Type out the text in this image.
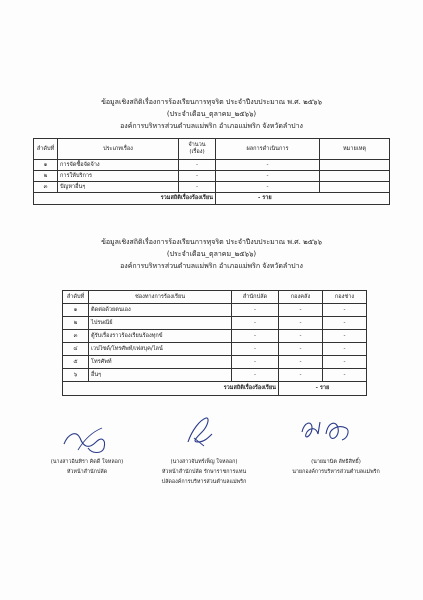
ข้อมูลเชิงสถิติเรื่องการร้องเรียนการทุจริต ประจำปีงบประมาณ พ.ศ. ๒๕๖๖
(ประจำเดือน_ตุลาคม_๒๕๖๖)
องค์การบริหารส่วนตำบลแม่พริก อำเภอแม่พริก จังหวัดลำปาง
ลำดับที่	ประเภทเรื่อง	จำนวน (เรื่อง)	ผลการดำเนินการ	หมายเหตุ
๑	การจัดซื้อจัดจ้าง	-	-	
๒	การให้บริการ	-	-	
๓	ปัญหาอื่นๆ	-	-	
รวมสถิติเรื่องร้องเรียน			- ราย	
ข้อมูลเชิงสถิติเรื่องการร้องเรียนการทุจริต ประจำปีงบประมาณ พ.ศ. ๒๕๖๖
(ประจำเดือน_ตุลาคม_๒๕๖๖)
องค์การบริหารส่วนตำบลแม่พริก อำเภอแม่พริก จังหวัดลำปาง
ลำดับที่	ช่องทางการร้องเรียน	สำนักปลัด	กองคลัง	กองช่าง
๑	ติดต่อด้วยตนเอง	-	-	-
๒	ไปรษณีย์	-	-	-
๓	ตู้รับเรื่องราวร้องเรียนร้องทุกข์	-	-	-
๔	เวปไซด์/โทรศัพท์/เฟสบุค/ไลน์	-	-	-
๕	โทรศัพท์	-	-	-
๖	อื่นๆ	-	-	-
รวมสถิติเรื่องร้องเรียน			- ราย	
(นางสาวอินทิรา คิดดี ใจหลอก)
หัวหน้าสำนักปลัด
(นางสาวจันทร์เพ็ญ ใจหลอก)
หัวหน้าสำนักปลัด รักษาราชการแทน
ปลัดองค์การบริหารส่วนตำบลแม่พริก
(นายมานิต ลัทธิสิทธิ์)
นายกองค์การบริหารส่วนตำบลแม่พริก
